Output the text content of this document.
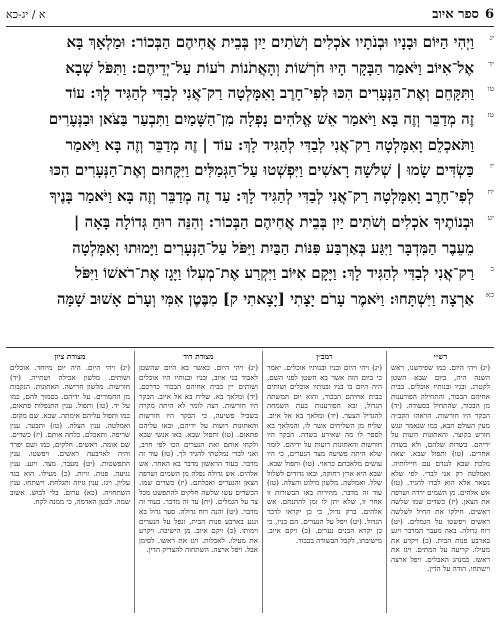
א / יג-כא	6
ספר איוב
יג
וַיְהִי הַיּוֹם וּבָנָיו וּבְנֹתָיו אֹכְלִים וְשֹׁתִים יַיִן בְּבֵית אֲחִיהֶם הַבְּכוֹר: וּמַלְאָךְ בָּא
יד
אֶל־אִיּוֹב וַיֹּאמַר הַבָּקָר הָיוּ חֹרְשׁוֹת וְהָאֲתֹנוֹת רֹעוֹת עַל־יְדֵיהֶם: וַתִּפֹּל שְׁבָא
טו
וַתִּקָּחֵם וְאֶת־הַנְּעָרִים הִכּוּ לְפִי־חָרֶב וָאִמָּלְטָה רַק־אֲנִי לְבַדִּי לְהַגִּיד לָךְ: עוֹד
טז
זֶה מְדַבֵּר וְזֶה בָּא וַיֹּאמַר אֵשׁ אֱלֹהִים נָפְלָה מִן־הַשָּׁמַיִם וַתִּבְעַר בַּצֹּאן וּבַנְּעָרִים
וַתֹּאכְלֵם וָאִמָּלְטָה רַק־אֲנִי לְבַדִּי לְהַגִּיד לָךְ: עוֹד | זֶה מְדַבֵּר וְזֶה בָּא וַיֹּאמַר
יז
כַּשְׂדִּים שָׂמוּ | שְׁלֹשָׁה רָאשִׁים וַיִּפְשְׁטוּ עַל־הַגְּמַלִּים וַיִּקָּחוּם וְאֶת־הַנְּעָרִים הִכּוּ
יח
לְפִי־חָרֶב וָאִמָּלְטָה רַק־אֲנִי לְבַדִּי לְהַגִּיד לָךְ: עַד זֶה מְדַבֵּר וְזֶה בָּא וַיֹּאמַר בָּנֶיךָ
יט
וּבְנוֹתֶיךָ אֹכְלִים וְשֹׁתִים יַיִן בְּבֵית אֲחִיהֶם הַבְּכוֹר: וְהִנֵּה רוּחַ גְּדוֹלָה בָּאָה |
מֵעֵבֶר הַמִּדְבָּר וַיִּגַּע בְּאַרְבַּע פִּנּוֹת הַבַּיִת וַיִּפֹּל עַל־הַנְּעָרִים וַיָּמוּתוּ וָאִמָּלְטָה
כ
רַק־אֲנִי לְבַדִּי לְהַגִּיד לָךְ: וַיָּקָם אִיּוֹב וַיִּקְרַע אֶת־מְעִלוֹ וַיָּגָז אֶת־רֹאשׁוֹ וַיִּפֹּל
כא
אַרְצָה וַיִּשְׁתָּחוּ: וַיֹּאמֶר עָרֹם יָצָתִי [יָצָאתִי ק] מִבֶּטֶן אִמִּי וְעָרֹם אָשׁוּב שָׁמָּה
רש״י
(יג) ויהי היום. כמו שפירשנו, ראש השנה היה, ביום שבא השטן לקטרג. ובניו ובנותיו אוכלים. בבית אחיהם הבכור, והתחילה הפורענות מן הבכור, שהתחיל בסעודה. (יד) הבקר היו חורשות. הראהו הקב״ה מעין העולם הבא, כמו שנאמר ונגש חורש בקוצר. והאתונות רועות על ידיהם. בשדות שלהם, ולא בשדה אחרים. (טו) ותפול שבא. יצאה מלכת שבא לנגדם עם חיילותיה. ואמלטה רק אני לבדי. לפי שלא נשאר אלא הוא לבדו להגיד. (טז) אש אלהים. מן השמים ירדה ושרפה את הצאן. (יז) כשדים שמו שלשה ראשים. חילקו את החיל לשלשה ראשים ויפשטו על הגמלים. (יט) רוח גדולה. באה מעבר המדבר ויגע בארבע פנות הבית. (כ) ויקרע את מעילו. קריעה על המתים. ויגז את ראשו. כמנהג האבלים. ויפל ארצה וישתחו. הודה על הדין.
רמב״ן
(יג) ויהי היום ובניו ובנותיו אוכלים. יאמר כי ביום הזה אשר בא השטן לפני השם, היה היום בו בניו ובנותיו אוכלים ושותים בבית אחיהם הבכור, והוא יום המשתה הגדול, ובא הפורענות בעת השמחה להגדיל הצער. (יד) ומלאך בא אל איוב. שליח מן השליחים אשר לו, והמלאך בא לספר לו מה שאירע בשדה. הבקר היו חורשות והאתונות רועות על ידיהם. לומר שלא היתה פשיעה מצד הנערים, כי היו עושים מלאכתם כראוי. (טו) ותפול שבא. שבא היא ארץ רחוקה, ובאו גדודים לשלול שלל. ואמלטה. מלשון מילוט והצלה. (טז) עוד זה מדבר. מהירות באו הבשורות זו אחר זו, שלא יתן לו זמן להתנחם. אש אלהים. ברק גדול, כי כן יקראו לדבר הגדול. (יט) ויפל על הנערים. הם בניו, כי כן יקרא הבנים נערים. (כ) ויקם איוב. מישיבתו, לקבל הבשורה בכבוד.
מצודת דוד
(יג) ויהי היום. כאשר בא היום שהשטן לאבוד בני איוב, ובניו ובנותיו היו אוכלים ושותים יין בבית אחיהם הבכור כדרכם. (יד) ומלאך בא. שליח בא אל איוב. הבקר היו חורשות. רצה לומר לא היתה מקרה בשביל פשיעה, כי הבקר היו חורשות והאתונות רועות על ידיהם, ובאו עליהם פתאום. (טו) ותפול שבא. באו אנשי שבא ולקחו אותם ואת הנערים הכו לפי חרב, ואני לבדי נמלטתי להגיד לך. (טז) עוד זה מדבר. בעוד הראשון מדבר בא האחר. אש אלהים. אש גדולה נפלה מן השמים ושרפה הצאן והנערים ואכלתם. (יז) כשדים שמו. הכשדים עשו שלשה חלקים להתפשט מכל צד על הגמלים. (יח) עד זה מדבר. בעוד זה מדבר. (יט) והנה רוח גדולה. סער גדול בא ונגע בארבע פנות הבית, ונפל על הנערים וימותו. (כ) ויקם איוב. מן הישיבה. ויקרע את מעילו. לאבלות. ויגז את ראשו. לסימן אבל. ויפל ארצה. השתחוה להצדיק הדין.
מצודת ציון
(יג) ויהי היום. היה יום מיוחד. אוכלים ושותים. מלשון אכילה ושתייה. (יד) חורשות. מלשון חרישה. האתונות. הנקבות מן החמורים. על ידיהם. בסמוך להם, כמו על יד. (טו) ותפול. ענין התנפלות פתאום, כמו ותפול עליהם אימתה. שבא. שם מקום. ואמלטה. ענין הצלה. (טז) ותבער. ענין שריפה. ותאכלם. כלתה אותם. (יז) כשדים. שם אומה. ראשים. חלקים, כמו ושם יפרד והיה לארבעה ראשים. ויפשטו. ענין התפשטות. (יט) מעבר. מצד. ויגע. ענין נגיעה. פנות. זויות. (כ) מעילו. הוא בגד עליון. ויגז. ענין גזיזה ותגלחת. וישתחו. ענין השתחויה. (כא) ערום. בלי לבוש. אשוב שמה. לבטן האדמה, כי ממנה לקח.
